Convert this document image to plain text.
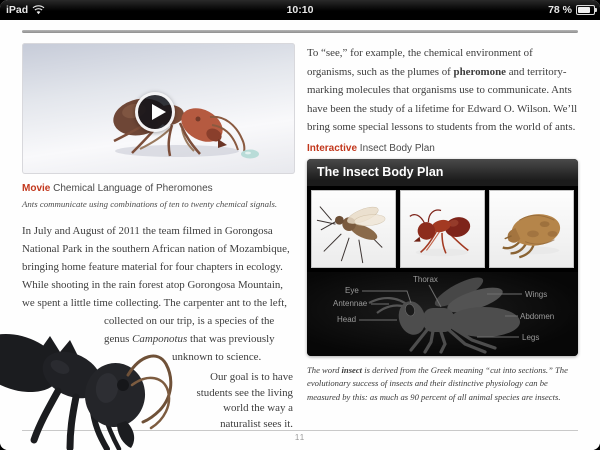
iPad	10:10	78 %
Movie Chemical Language of Pheromones
Ants communicate using combinations of ten to twenty chemical signals.

In July and August of 2011 the team filmed in Gorongosa National Park in the southern African nation of Mozambique, bringing home feature material for four chapters in ecology. While shooting in the rain forest atop Gorongosa Mountain, we spent a little time collecting. The carpenter ant to the left, collected on our trip, is a species of the genus Camponotus that was previously unknown to science.

Our goal is to have students see the living world the way a naturalist sees it.

To “see,” for example, the chemical environment of organisms, such as the plumes of pheromone and territory-marking molecules that organisms use to communicate. Ants have been the study of a lifetime for Edward O. Wilson. We’ll bring some special lessons to students from the world of ants.

Interactive Insect Body Plan
The Insect Body Plan
Eye
Antennae
Head
Thorax
Wings
Abdomen
Legs

The word insect is derived from the Greek meaning “cut into sections.” The evolutionary success of insects and their distinctive physiology can be measured by this: as much as 90 percent of all animal species are insects.

11
